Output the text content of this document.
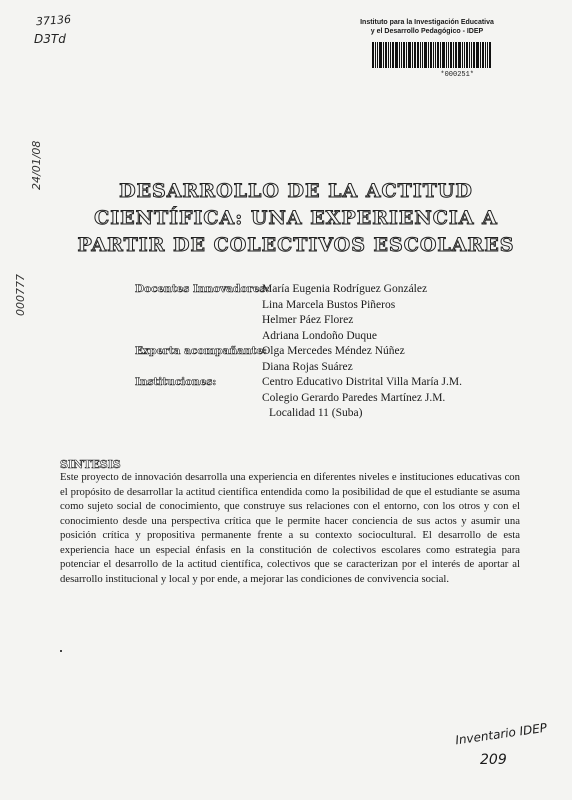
37136
D3Td
24/01/08
000777
Instituto para la Investigación Educativa
y el Desarrollo Pedagógico - IDEP
*000251*
DESARROLLO DE LA ACTITUD
CIENTÍFICA: UNA EXPERIENCIA A
PARTIR DE COLECTIVOS ESCOLARES
Docentes Innovadores:
María Eugenia Rodríguez González
Lina Marcela Bustos Piñeros
Helmer Páez Florez
Adriana Londoño Duque
Experta acompañante:
Olga Mercedes Méndez Núñez
Diana Rojas Suárez
Instituciones:	Centro Educativo Distrital Villa María J.M.
Colegio Gerardo Paredes Martínez J.M.
Localidad 11 (Suba)
SINTESIS
Este proyecto de innovación desarrolla una experiencia en diferentes niveles e instituciones educativas con el propósito de desarrollar la actitud científica entendida como la posibilidad de que el estudiante se asuma como sujeto social de conocimiento, que construye sus relaciones con el entorno, con los otros y con el conocimiento desde una perspectiva crítica que le permite hacer conciencia de sus actos y asumir una posición crítica y propositiva permanente frente a su contexto sociocultural. El desarrollo de esta experiencia hace un especial énfasis en la constitución de colectivos escolares como estrategia para potenciar el desarrollo de la actitud científica, colectivos que se caracterizan por el interés de aportar al desarrollo institucional y local y por ende, a mejorar las condiciones de convivencia social.
Inventario IDEP
209
